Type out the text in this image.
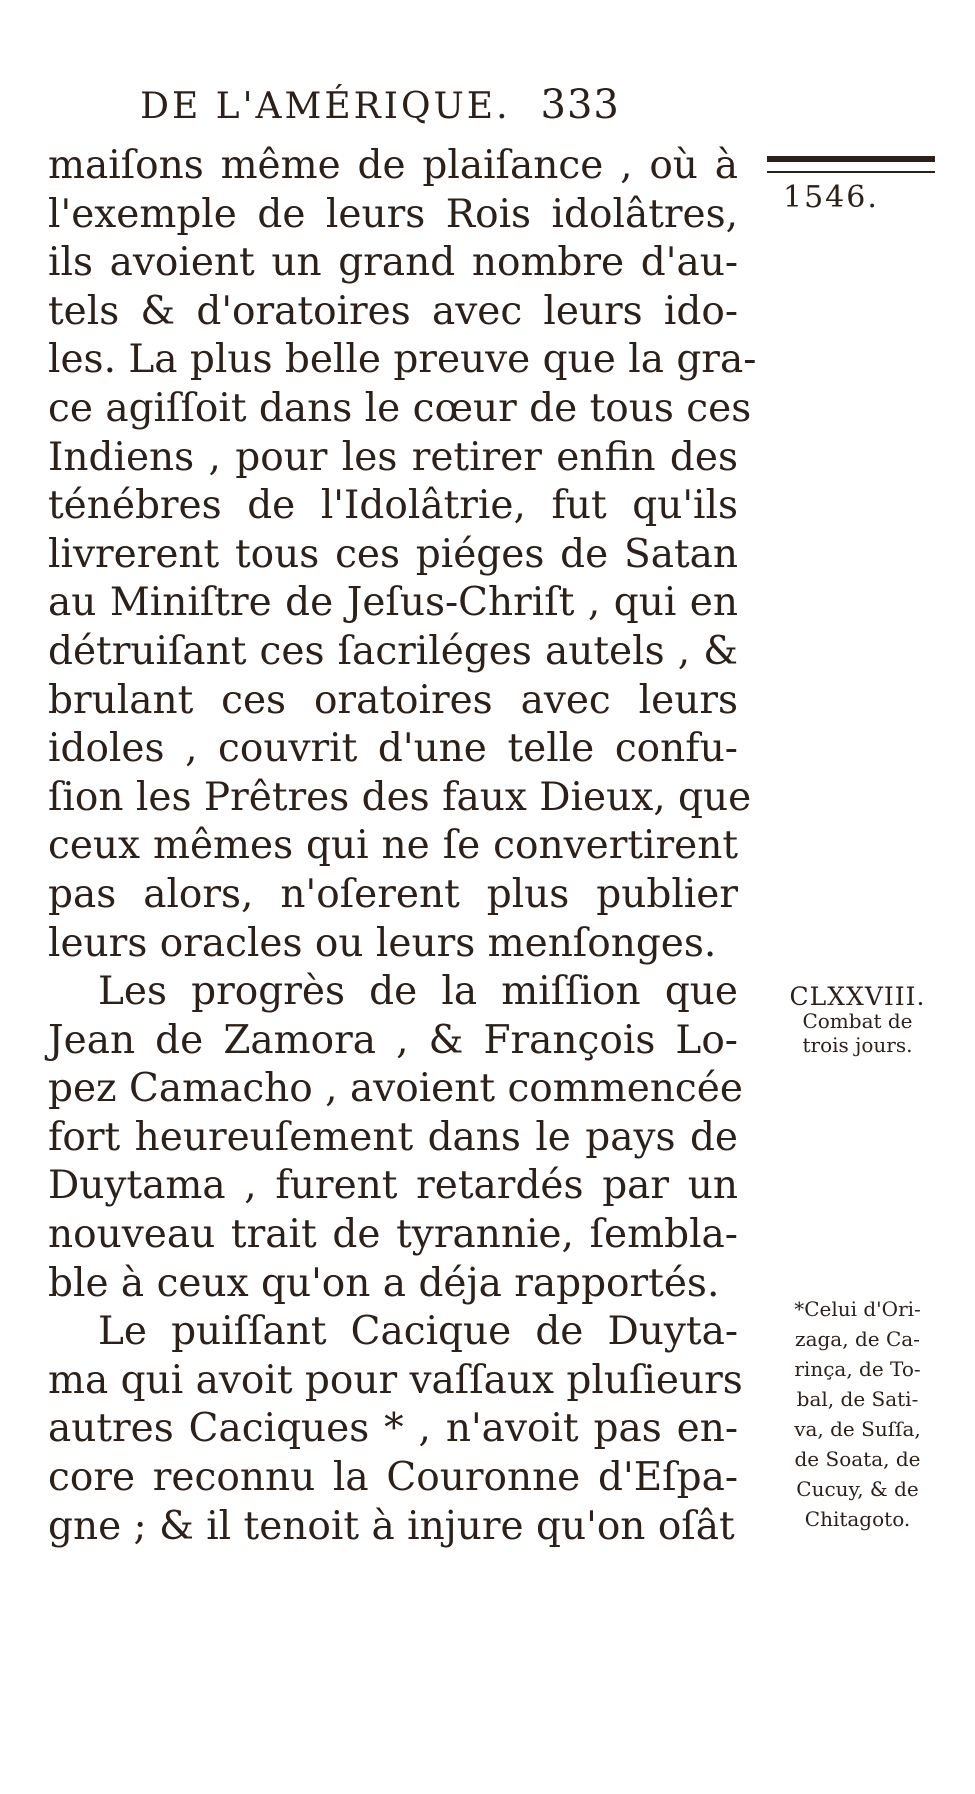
DE L'AMÉRIQUE. 333
1546.
maiſons même de plaiſance , où à
l'exemple de leurs Rois idolâtres,
ils avoient un grand nombre d'au-
tels & d'oratoires avec leurs ido-
les. La plus belle preuve que la gra-
ce agiſſoit dans le cœur de tous ces
Indiens , pour les retirer enfin des
ténébres de l'Idolâtrie, fut qu'ils
livrerent tous ces piéges de Satan
au Miniſtre de Jeſus-Chriſt , qui en
détruiſant ces ſacriléges autels , &
brulant ces oratoires avec leurs
idoles , couvrit d'une telle confu-
ſion les Prêtres des faux Dieux, que
ceux mêmes qui ne ſe convertirent
pas alors, n'oſerent plus publier
leurs oracles ou leurs menſonges.
Les progrès de la miſſion que
Jean de Zamora , & François Lo-
pez Camacho , avoient commencée
fort heureuſement dans le pays de
Duytama , furent retardés par un
nouveau trait de tyrannie, ſembla-
ble à ceux qu'on a déja rapportés.
Le puiſſant Cacique de Duyta-
ma qui avoit pour vaſſaux pluſieurs
autres Caciques * , n'avoit pas en-
core reconnu la Couronne d'Eſpa-
gne ; & il tenoit à injure qu'on oſât
CLXXVIII.
Combat de
trois jours.
*Celui d'Ori-
zaga, de Ca-
rinça, de To-
bal, de Sati-
va, de Suſſa,
de Soata, de
Cucuy, & de
Chitagoto.
